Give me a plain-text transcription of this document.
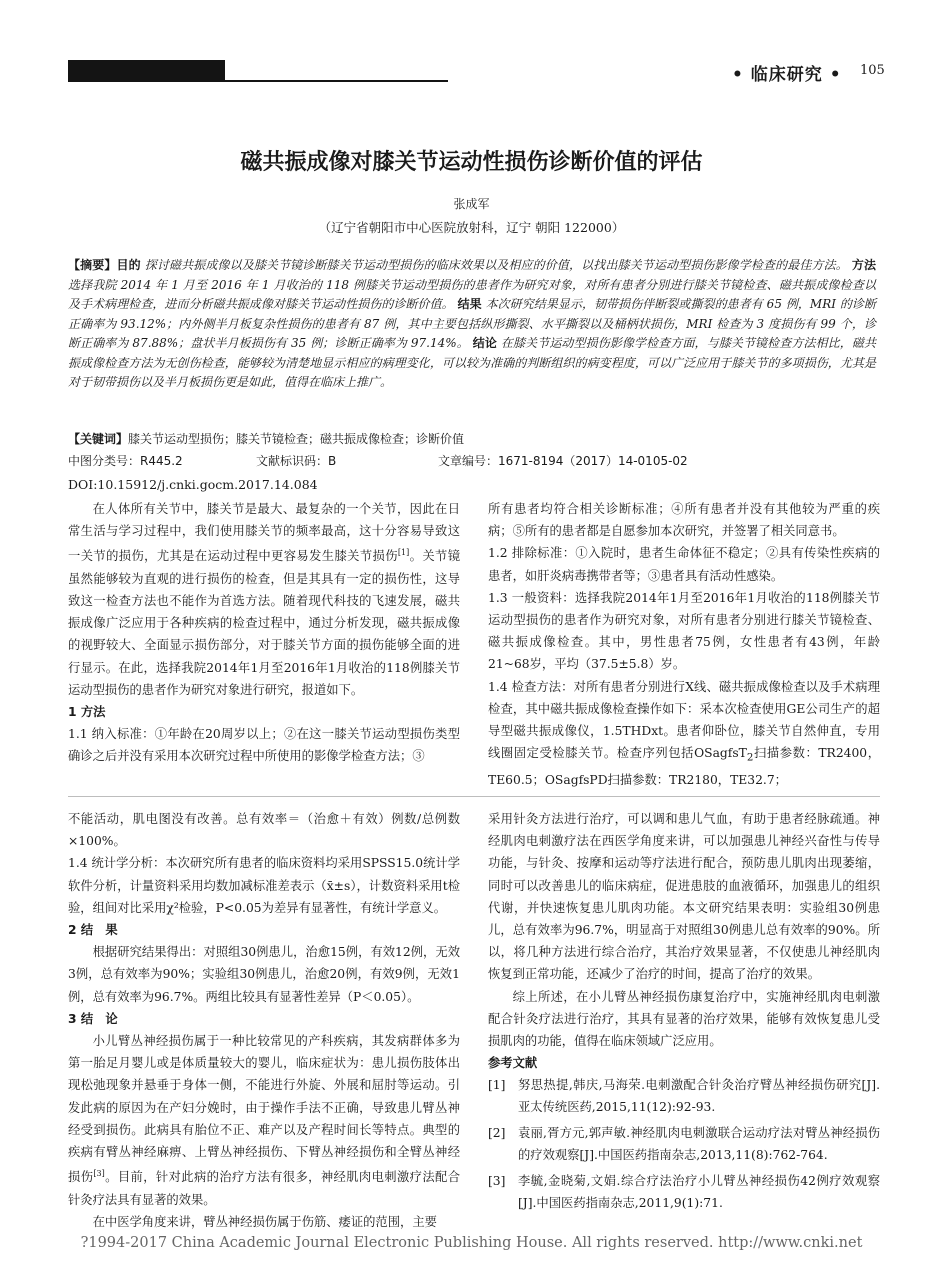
• 临床研究 • 105
磁共振成像对膝关节运动性损伤诊断价值的评估
张成军
（辽宁省朝阳市中心医院放射科，辽宁 朝阳 122000）
【摘要】目的 探讨磁共振成像以及膝关节镜诊断膝关节运动型损伤的临床效果以及相应的价值，以找出膝关节运动型损伤影像学检查的最佳方法。 方法 选择我院 2014 年 1 月至 2016 年 1 月收治的 118 例膝关节运动型损伤的患者作为研究对象，对所有患者分别进行膝关节镜检查、磁共振成像检查以及手术病理检查，进而分析磁共振成像对膝关节运动性损伤的诊断价值。 结果 本次研究结果显示，韧带损伤伴断裂或撕裂的患者有 65 例，MRI 的诊断正确率为 93.12%；内外侧半月板复杂性损伤的患者有 87 例，其中主要包括纵形撕裂、水平撕裂以及桶柄状损伤，MRI 检查为 3 度损伤有 99 个，诊断正确率为 87.88%；盘状半月板损伤有 35 例；诊断正确率为 97.14%。 结论 在膝关节运动型损伤影像学检查方面，与膝关节镜检查方法相比，磁共振成像检查方法为无创伤检查，能够较为清楚地显示相应的病理变化，可以较为准确的判断组织的病变程度，可以广泛应用于膝关节的多项损伤，尤其是对于韧带损伤以及半月板损伤更是如此，值得在临床上推广。
【关键词】膝关节运动型损伤；膝关节镜检查；磁共振成像检查；诊断价值
中图分类号：R445.2	文献标识码：B	文章编号：1671-8194（2017）14-0105-02
DOI:10.15912/j.cnki.gocm.2017.14.084

在人体所有关节中，膝关节是最大、最复杂的一个关节，因此在日常生活与学习过程中，我们使用膝关节的频率最高，这十分容易导致这一关节的损伤，尤其是在运动过程中更容易发生膝关节损伤[1]。关节镜虽然能够较为直观的进行损伤的检查，但是其具有一定的损伤性，这导致这一检查方法也不能作为首选方法。随着现代科技的飞速发展，磁共振成像广泛应用于各种疾病的检查过程中，通过分析发现，磁共振成像的视野较大、全面显示损伤部分，对于膝关节方面的损伤能够全面的进行显示。在此，选择我院2014年1月至2016年1月收治的118例膝关节运动型损伤的患者作为研究对象进行研究，报道如下。

1 方法

1.1 纳入标准：①年龄在20周岁以上；②在这一膝关节运动型损伤类型确诊之后并没有采用本次研究过程中所使用的影像学检查方法；③

所有患者均符合相关诊断标准；④所有患者并没有其他较为严重的疾病；⑤所有的患者都是自愿参加本次研究，并签署了相关同意书。

1.2 排除标准：①入院时，患者生命体征不稳定；②具有传染性疾病的患者，如肝炎病毒携带者等；③患者具有活动性感染。

1.3 一般资料：选择我院2014年1月至2016年1月收治的118例膝关节运动型损伤的患者作为研究对象，对所有患者分别进行膝关节镜检查、磁共振成像检查。其中，男性患者75例，女性患者有43例，年龄21~68岁，平均（37.5±5.8）岁。

1.4 检查方法：对所有患者分别进行X线、磁共振成像检查以及手术病理检查，其中磁共振成像检查操作如下：采本次检查使用GE公司生产的超导型磁共振成像仪，1.5THDxt。患者仰卧位，膝关节自然伸直，专用线圈固定受检膝关节。检查序列包括OSagfsT$_2$扫描参数：TR2400，TE60.5；OSagfsPD扫描参数：TR2180，TE32.7；

不能活动，肌电图没有改善。总有效率＝（治愈＋有效）例数/总例数×100%。

1.4 统计学分析：本次研究所有患者的临床资料均采用SPSS15.0统计学软件分析，计量资料采用均数加减标准差表示（x̄±s），计数资料采用t检验，组间对比采用χ²检验，P<0.05为差异有显著性，有统计学意义。

2 结　果

根据研究结果得出：对照组30例患儿，治愈15例，有效12例，无效3例，总有效率为90%；实验组30例患儿，治愈20例，有效9例，无效1例，总有效率为96.7%。两组比较具有显著性差异（P＜0.05）。

3 结　论

小儿臂丛神经损伤属于一种比较常见的产科疾病，其发病群体多为第一胎足月婴儿或是体质量较大的婴儿，临床症状为：患儿损伤肢体出现松弛现象并悬垂于身体一侧，不能进行外旋、外展和屈肘等运动。引发此病的原因为在产妇分娩时，由于操作手法不正确，导致患儿臂丛神经受到损伤。此病具有胎位不正、难产以及产程时间长等特点。典型的疾病有臂丛神经麻痹、上臂丛神经损伤、下臂丛神经损伤和全臂丛神经损伤[3]。目前，针对此病的治疗方法有很多，神经肌肉电刺激疗法配合针灸疗法具有显著的效果。

在中医学角度来讲，臂丛神经损伤属于伤筋、痿证的范围，主要

采用针灸方法进行治疗，可以调和患儿气血，有助于患者经脉疏通。神经肌肉电刺激疗法在西医学角度来讲，可以加强患儿神经兴奋性与传导功能，与针灸、按摩和运动等疗法进行配合，预防患儿肌肉出现萎缩，同时可以改善患儿的临床病症，促进患肢的血液循环，加强患儿的组织代谢，并快速恢复患儿肌肉功能。本文研究结果表明：实验组30例患儿，总有效率为96.7%，明显高于对照组30例患儿总有效率的90%。所以，将几种方法进行综合治疗，其治疗效果显著，不仅使患儿神经肌肉恢复到正常功能，还减少了治疗的时间，提高了治疗的效果。

综上所述，在小儿臂丛神经损伤康复治疗中，实施神经肌肉电刺激配合针灸疗法进行治疗，其具有显著的治疗效果，能够有效恢复患儿受损肌肉的功能，值得在临床领域广泛应用。

参考文献

[1] 努思热提,韩庆,马海荣.电刺激配合针灸治疗臂丛神经损伤研究[J].亚太传统医药,2015,11(12):92-93.
[2] 袁丽,胥方元,郭声敏.神经肌肉电刺激联合运动疗法对臂丛神经损伤的疗效观察[J].中国医药指南杂志,2013,11(8):762-764.
[3] 李毓,金晓菊,文娟.综合疗法治疗小儿臂丛神经损伤42例疗效观察[J].中国医药指南杂志,2011,9(1):71.
?1994-2017 China Academic Journal Electronic Publishing House. All rights reserved. http://www.cnki.net
